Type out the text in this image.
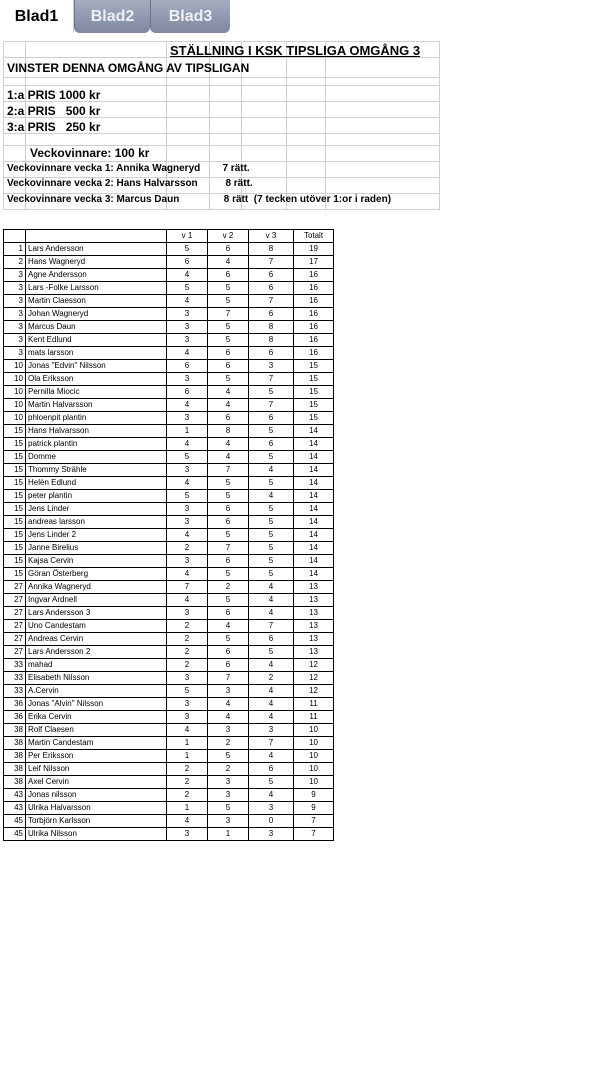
Blad1	Blad2	Blad3
STÄLLNING I KSK TIPSLIGA OMGÅNG 3
VINSTER DENNA OMGÅNG AV TIPSLIGAN
1:a PRIS 1000 kr
2:a PRIS   500 kr
3:a PRIS   250 kr
Veckovinnare: 100 kr
Veckovinnare vecka 1: Annika Wagneryd        7 rätt.
Veckovinnare vecka 2: Hans Halvarsson          8 rätt.
Veckovinnare vecka 3: Marcus Daun                8 rätt  (7 tecken utöver 1:or i raden)
		v 1	v 2	v 3	Totalt
1	Lars Andersson	5	6	8	19
2	Hans Wagneryd	6	4	7	17
3	Agne Andersson	4	6	6	16
3	Lars -Folke Larsson	5	5	6	16
3	Martin Claesson	4	5	7	16
3	Johan Wagneryd	3	7	6	16
3	Marcus Daun	3	5	8	16
3	Kent Edlund	3	5	8	16
3	mats larsson	4	6	6	16
10	Jonas "Edvin" Nilsson	6	6	3	15
10	Ola Eriksson	3	5	7	15
10	Pernilla Miocic	6	4	5	15
10	Martin Halvarsson	4	4	7	15
10	phloenpit plantin	3	6	6	15
15	Hans Halvarsson	1	8	5	14
15	patrick plantin	4	4	6	14
15	Domme	5	4	5	14
15	Thommy Strähle	3	7	4	14
15	Helèn Edlund	4	5	5	14
15	peter plantin	5	5	4	14
15	Jens Linder	3	6	5	14
15	andreas larsson	3	6	5	14
15	Jens Linder 2	4	5	5	14
15	Janne Birelius	2	7	5	14
15	Kajsa Cervin	3	6	5	14
15	Göran Österberg	4	5	5	14
27	Annika Wagneryd	7	2	4	13
27	Ingvar Ardnell	4	5	4	13
27	Lars Andersson 3	3	6	4	13
27	Uno Candestam	2	4	7	13
27	Andreas Cervin	2	5	6	13
27	Lars Andersson 2	2	6	5	13
33	mahad	2	6	4	12
33	Elisabeth Nilsson	3	7	2	12
33	A.Cervin	5	3	4	12
36	Jonas "Alvin" Nilsson	3	4	4	11
36	Erika Cervin	3	4	4	11
38	Rolf Claesen	4	3	3	10
38	Martin Candestam	1	2	7	10
38	Per Eriksson	1	5	4	10
38	Leif Nilsson	2	2	6	10
38	Axel Cervin	2	3	5	10
43	Jonas nilsson	2	3	4	9
43	Ulrika Halvarsson	1	5	3	9
45	Torbjörn Karlsson	4	3	0	7
45	Ulrika Nilsson	3	1	3	7
